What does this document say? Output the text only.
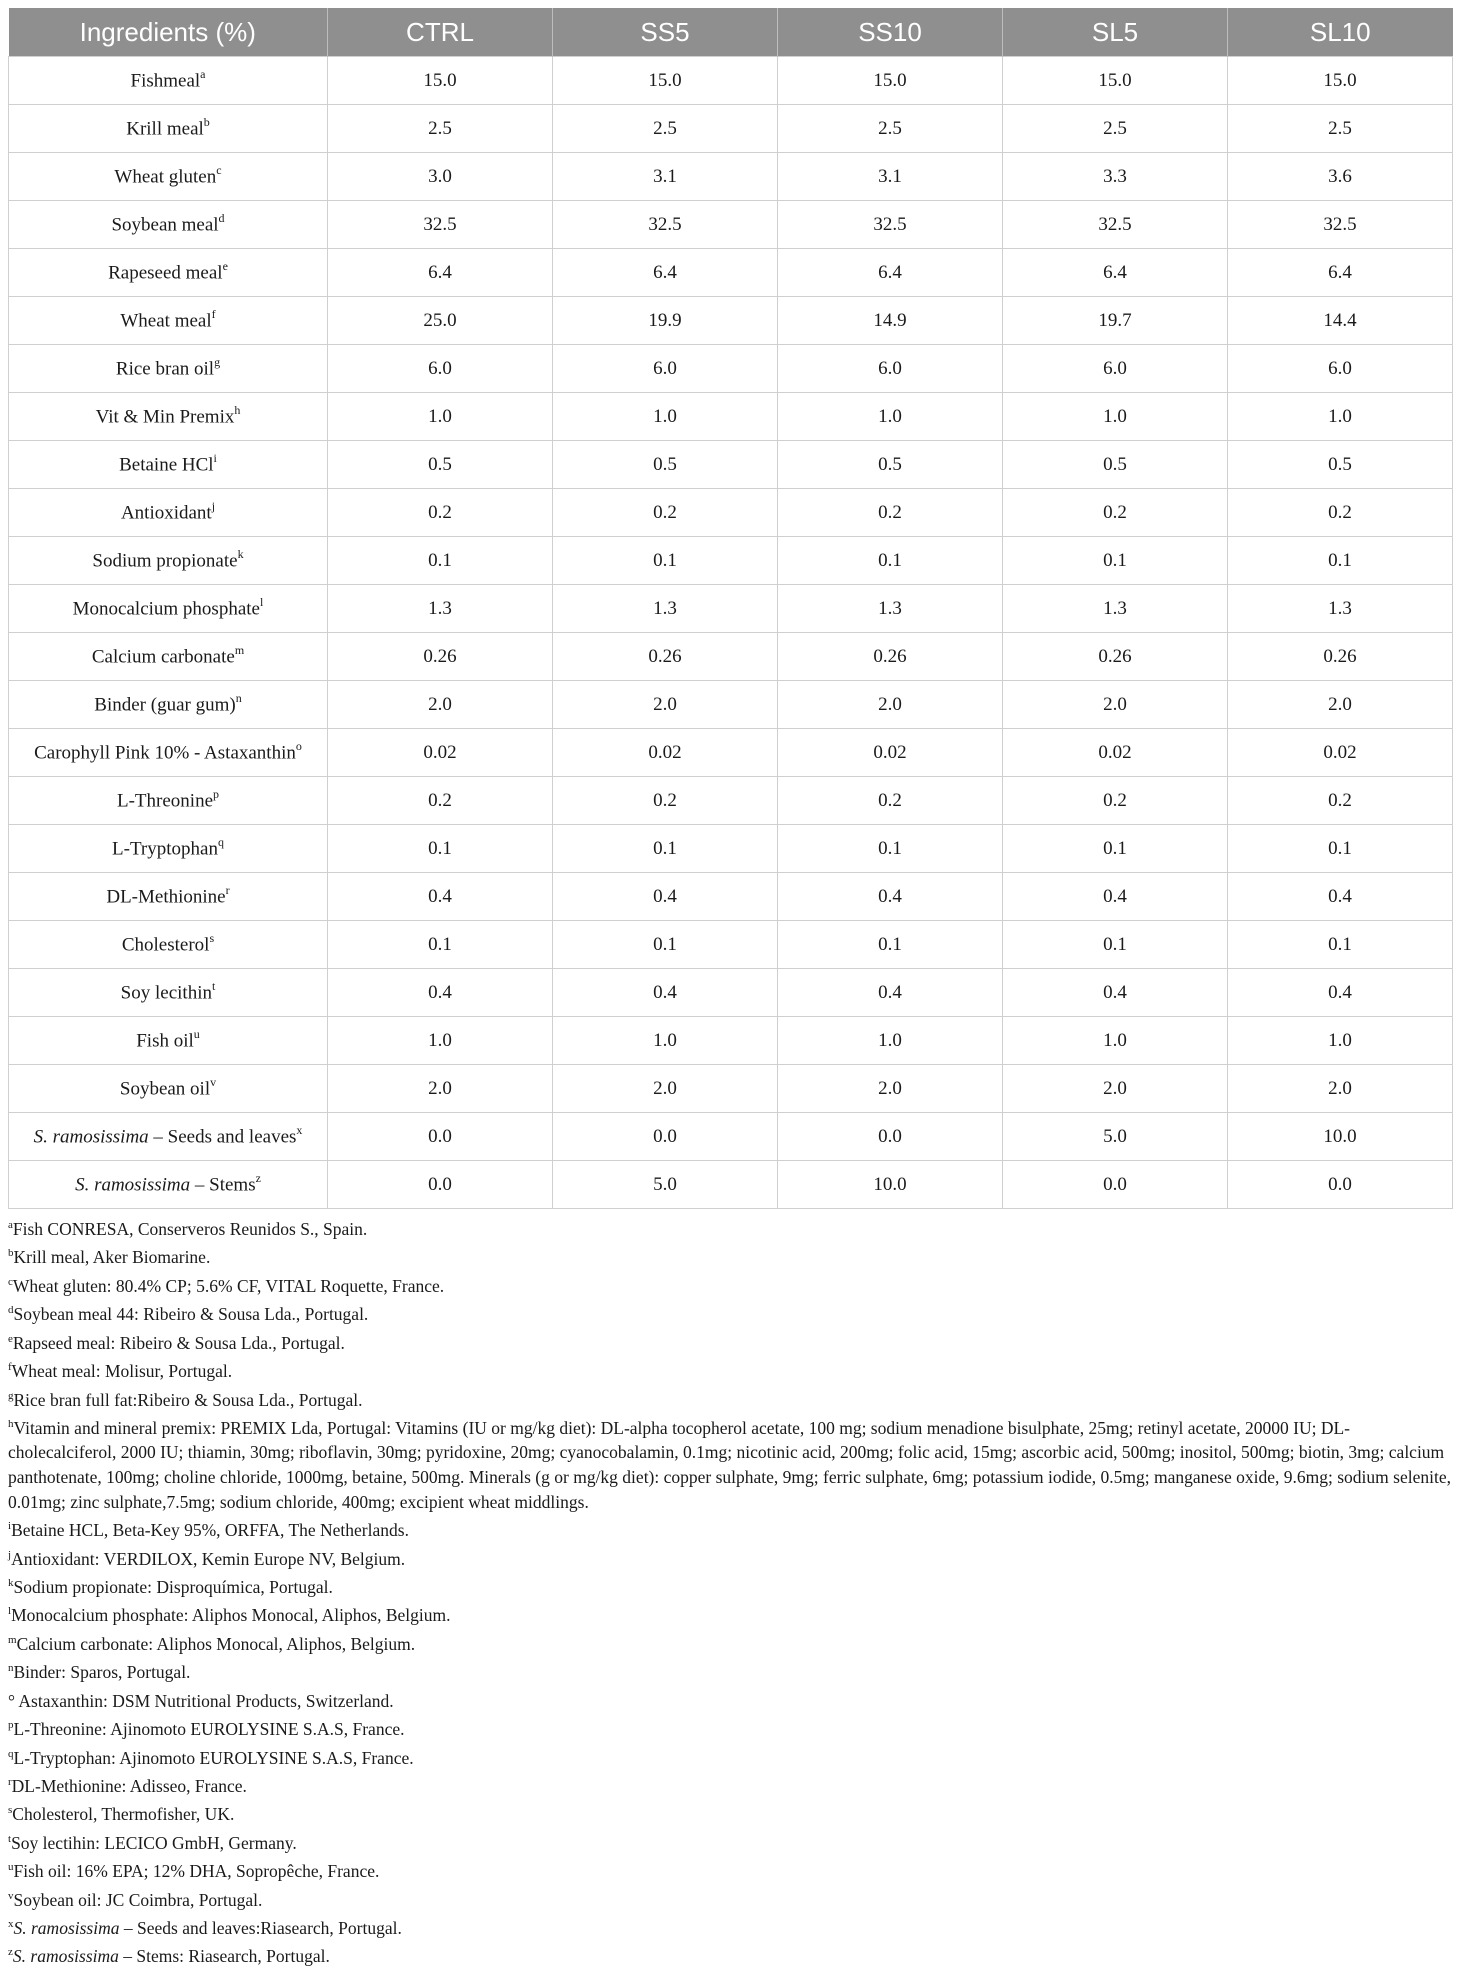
Ingredients (%)	CTRL	SS5	SS10	SL5	SL10
Fishmeal$^a$	15.0	15.0	15.0	15.0	15.0
Krill meal$^b$	2.5	2.5	2.5	2.5	2.5
Wheat gluten$^c$	3.0	3.1	3.1	3.3	3.6
Soybean meal$^d$	32.5	32.5	32.5	32.5	32.5
Rapeseed meal$^e$	6.4	6.4	6.4	6.4	6.4
Wheat meal$^f$	25.0	19.9	14.9	19.7	14.4
Rice bran oil$^g$	6.0	6.0	6.0	6.0	6.0
Vit & Min Premix$^h$	1.0	1.0	1.0	1.0	1.0
Betaine HCl$^i$	0.5	0.5	0.5	0.5	0.5
Antioxidant$^j$	0.2	0.2	0.2	0.2	0.2
Sodium propionate$^k$	0.1	0.1	0.1	0.1	0.1
Monocalcium phosphate$^l$	1.3	1.3	1.3	1.3	1.3
Calcium carbonate$^m$	0.26	0.26	0.26	0.26	0.26
Binder (guar gum)$^n$	2.0	2.0	2.0	2.0	2.0
Carophyll Pink 10% - Astaxanthin$^o$	0.02	0.02	0.02	0.02	0.02
L-Threonine$^p$	0.2	0.2	0.2	0.2	0.2
L-Tryptophan$^q$	0.1	0.1	0.1	0.1	0.1
DL-Methionine$^r$	0.4	0.4	0.4	0.4	0.4
Cholesterol$^s$	0.1	0.1	0.1	0.1	0.1
Soy lecithin$^t$	0.4	0.4	0.4	0.4	0.4
Fish oil$^u$	1.0	1.0	1.0	1.0	1.0
Soybean oil$^v$	2.0	2.0	2.0	2.0	2.0
S. ramosissima – Seeds and leaves$^x$	0.0	0.0	0.0	5.0	10.0
S. ramosissima – Stems$^z$	0.0	5.0	10.0	0.0	0.0
$^a$Fish CONRESA, Conserveros Reunidos S., Spain.
$^b$Krill meal, Aker Biomarine.
$^c$Wheat gluten: 80.4% CP; 5.6% CF, VITAL Roquette, France.
$^d$Soybean meal 44: Ribeiro & Sousa Lda., Portugal.
$^e$Rapseed meal: Ribeiro & Sousa Lda., Portugal.
$^f$Wheat meal: Molisur, Portugal.
$^g$Rice bran full fat:Ribeiro & Sousa Lda., Portugal.
$^h$Vitamin and mineral premix: PREMIX Lda, Portugal: Vitamins (IU or mg/kg diet): DL-alpha tocopherol acetate, 100 mg; sodium menadione bisulphate, 25mg; retinyl acetate, 20000 IU; DL-cholecalciferol, 2000 IU; thiamin, 30mg; riboflavin, 30mg; pyridoxine, 20mg; cyanocobalamin, 0.1mg; nicotinic acid, 200mg; folic acid, 15mg; ascorbic acid, 500mg; inositol, 500mg; biotin, 3mg; calcium panthotenate, 100mg; choline chloride, 1000mg, betaine, 500mg. Minerals (g or mg/kg diet): copper sulphate, 9mg; ferric sulphate, 6mg; potassium iodide, 0.5mg; manganese oxide, 9.6mg; sodium selenite, 0.01mg; zinc sulphate,7.5mg; sodium chloride, 400mg; excipient wheat middlings.
$^i$Betaine HCL, Beta-Key 95%, ORFFA, The Netherlands.
$^j$Antioxidant: VERDILOX, Kemin Europe NV, Belgium.
$^k$Sodium propionate: Disproquímica, Portugal.
$^l$Monocalcium phosphate: Aliphos Monocal, Aliphos, Belgium.
$^m$Calcium carbonate: Aliphos Monocal, Aliphos, Belgium.
$^n$Binder: Sparos, Portugal.
° Astaxanthin: DSM Nutritional Products, Switzerland.
$^p$L-Threonine: Ajinomoto EUROLYSINE S.A.S, France.
$^q$L-Tryptophan: Ajinomoto EUROLYSINE S.A.S, France.
$^r$DL-Methionine: Adisseo, France.
$^s$Cholesterol, Thermofisher, UK.
$^t$Soy lectihin: LECICO GmbH, Germany.
$^u$Fish oil: 16% EPA; 12% DHA, Sopropêche, France.
$^v$Soybean oil: JC Coimbra, Portugal.
$^x$S. ramosissima – Seeds and leaves:Riasearch, Portugal.
$^z$S. ramosissima – Stems: Riasearch, Portugal.
